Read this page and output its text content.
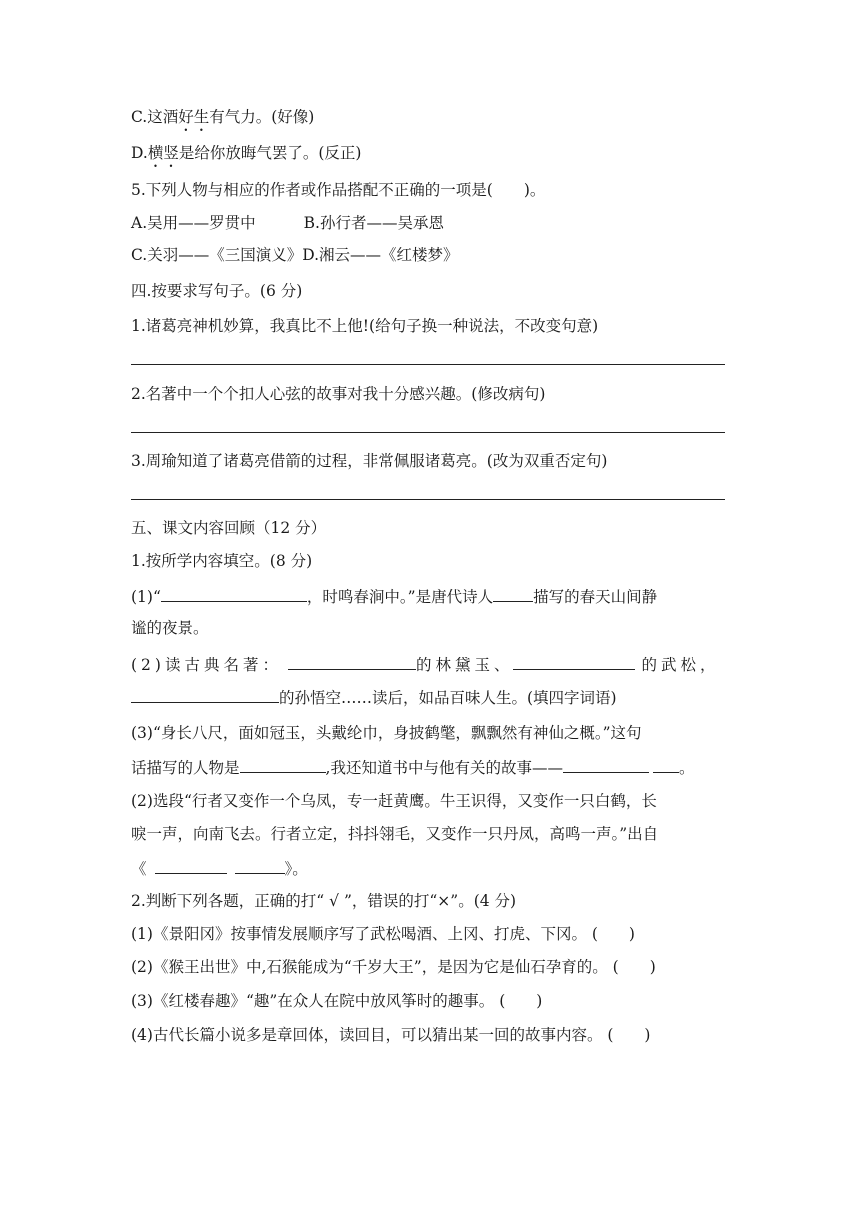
C.这酒好生有气力。(好像)
D.横竖是给你放晦气罢了。(反正)
5.下列人物与相应的作者或作品搭配不正确的一项是(　　)。
A.吴用——罗贯中	B.孙行者——吴承恩
C.关羽——《三国演义》D.湘云——《红楼梦》
四.按要求写句子。(6 分)
1.诸葛亮神机妙算，我真比不上他!(给句子换一种说法，不改变句意)
2.名著中一个个扣人心弦的故事对我十分感兴趣。(修改病句)
3.周瑜知道了诸葛亮借箭的过程，非常佩服诸葛亮。(改为双重否定句)
五、课文内容回顾（12 分）
1.按所学内容填空。(8 分)
(1)“	，时鸣春涧中。”是唐代诗人	描写的春天山间静
谧的夜景。
(2)读古典名著：	的林黛玉、	的武松，
的孙悟空……读后，如品百味人生。(填四字词语)
(3)“身长八尺，面如冠玉，头戴纶巾，身披鹤氅，飘飘然有神仙之概。”这句
话描写的人物是	,我还知道书中与他有关的故事——	。
(2)选段“行者又变作一个乌凤，专一赶黄鹰。牛王识得，又变作一只白鹤，长
唳一声，向南飞去。行者立定，抖抖翎毛，又变作一只丹凤，高鸣一声。”出自
《	》。
2.判断下列各题，正确的打“ √ ”，错误的打“×”。(4 分)
(1)《景阳冈》按事情发展顺序写了武松喝酒、上冈、打虎、下冈。 (　　)
(2)《猴王出世》中,石猴能成为“千岁大王”，是因为它是仙石孕育的。 (　　)
(3)《红楼春趣》“趣”在众人在院中放风筝时的趣事。 (　　)
(4)古代长篇小说多是章回体，读回目，可以猜出某一回的故事内容。 (　　)
